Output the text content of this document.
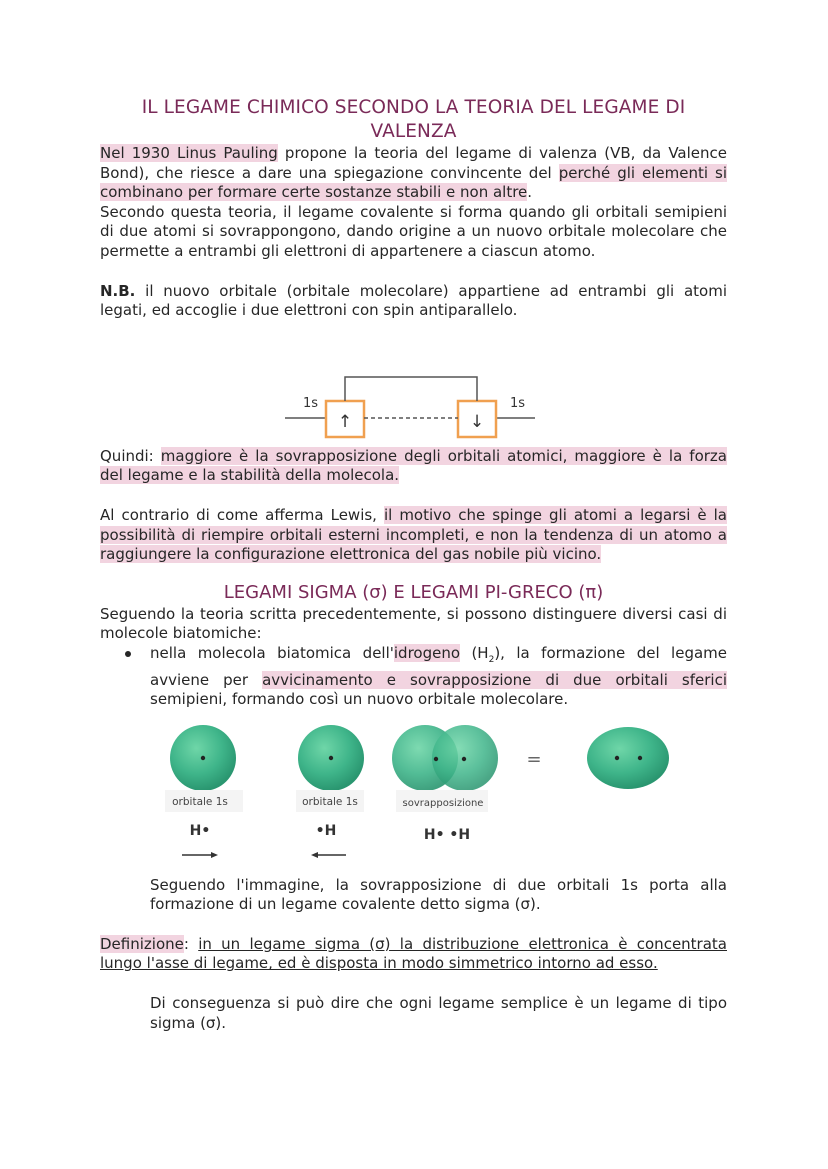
IL LEGAME CHIMICO SECONDO LA TEORIA DEL LEGAME DI
VALENZA

Nel 1930 Linus Pauling propone la teoria del legame di valenza (VB, da Valence Bond), che riesce a dare una spiegazione convincente del perché gli elementi si combinano per formare certe sostanze stabili e non altre.

Secondo questa teoria, il legame covalente si forma quando gli orbitali semipieni di due atomi si sovrappongono, dando origine a un nuovo orbitale molecolare che permette a entrambi gli elettroni di appartenere a ciascun atomo.

N.B. il nuovo orbitale (orbitale molecolare) appartiene ad entrambi gli atomi legati, ed accoglie i due elettroni con spin antiparallelo.

1s	1s
↑	↓

Quindi: maggiore è la sovrapposizione degli orbitali atomici, maggiore è la forza del legame e la stabilità della molecola.

Al contrario di come afferma Lewis, il motivo che spinge gli atomi a legarsi è la possibilità di riempire orbitali esterni incompleti, e non la tendenza di un atomo a raggiungere la configurazione elettronica del gas nobile più vicino.

LEGAMI SIGMA (σ) E LEGAMI PI-GRECO (π)

Seguendo la teoria scritta precedentemente, si possono distinguere diversi casi di molecole biatomiche:

nella molecola biatomica dell'idrogeno $(H_2)$, la formazione del legame avviene per avvicinamento e sovrapposizione di due orbitali sferici semipieni, formando così un nuovo orbitale molecolare.

=
orbitale 1s	orbitale 1s	sovrapposizione
H•	•H	H• •H

Seguendo l'immagine, la sovrapposizione di due orbitali 1s porta alla formazione di un legame covalente detto sigma (σ).

Definizione: in un legame sigma (σ) la distribuzione elettronica è concentrata lungo l'asse di legame, ed è disposta in modo simmetrico intorno ad esso.

Di conseguenza si può dire che ogni legame semplice è un legame di tipo sigma (σ).
